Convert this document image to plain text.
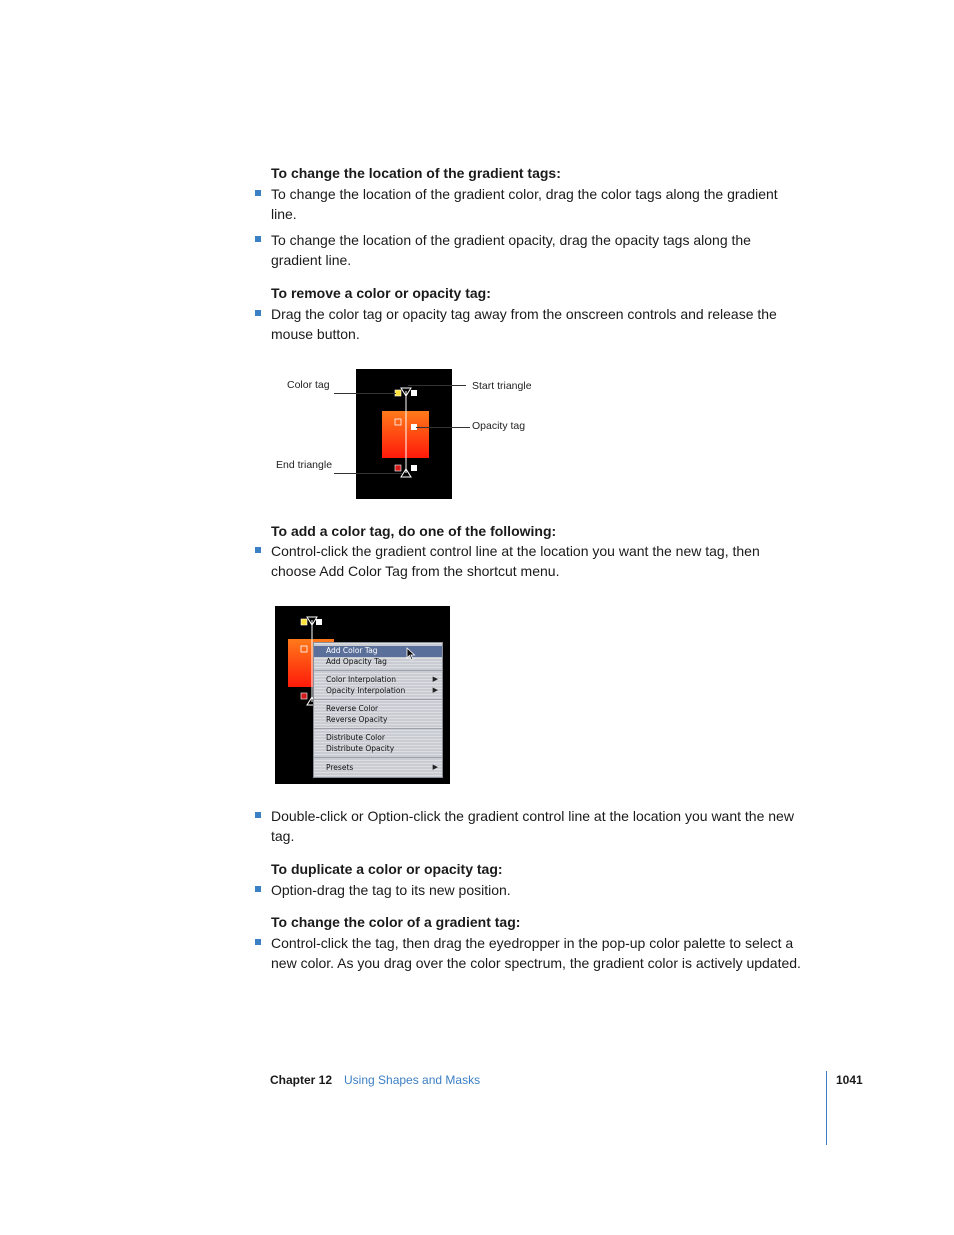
To change the location of the gradient tags:
To change the location of the gradient color, drag the color tags along the gradient
line.
To change the location of the gradient opacity, drag the opacity tags along the
gradient line.
To remove a color or opacity tag:
Drag the color tag or opacity tag away from the onscreen controls and release the
mouse button.
Color tag	Start triangle
Opacity tag
End triangle
To add a color tag, do one of the following:
Control-click the gradient control line at the location you want the new tag, then
choose Add Color Tag from the shortcut menu.
Add Color Tag
Add Opacity Tag
Color Interpolation	▶
Opacity Interpolation	▶
Reverse Color
Reverse Opacity
Distribute Color
Distribute Opacity
Presets	▶
Double-click or Option-click the gradient control line at the location you want the new
tag.
To duplicate a color or opacity tag:
Option-drag the tag to its new position.
To change the color of a gradient tag:
Control-click the tag, then drag the eyedropper in the pop-up color palette to select a
new color. As you drag over the color spectrum, the gradient color is actively updated.
Chapter 12 Using Shapes and Masks	1041
